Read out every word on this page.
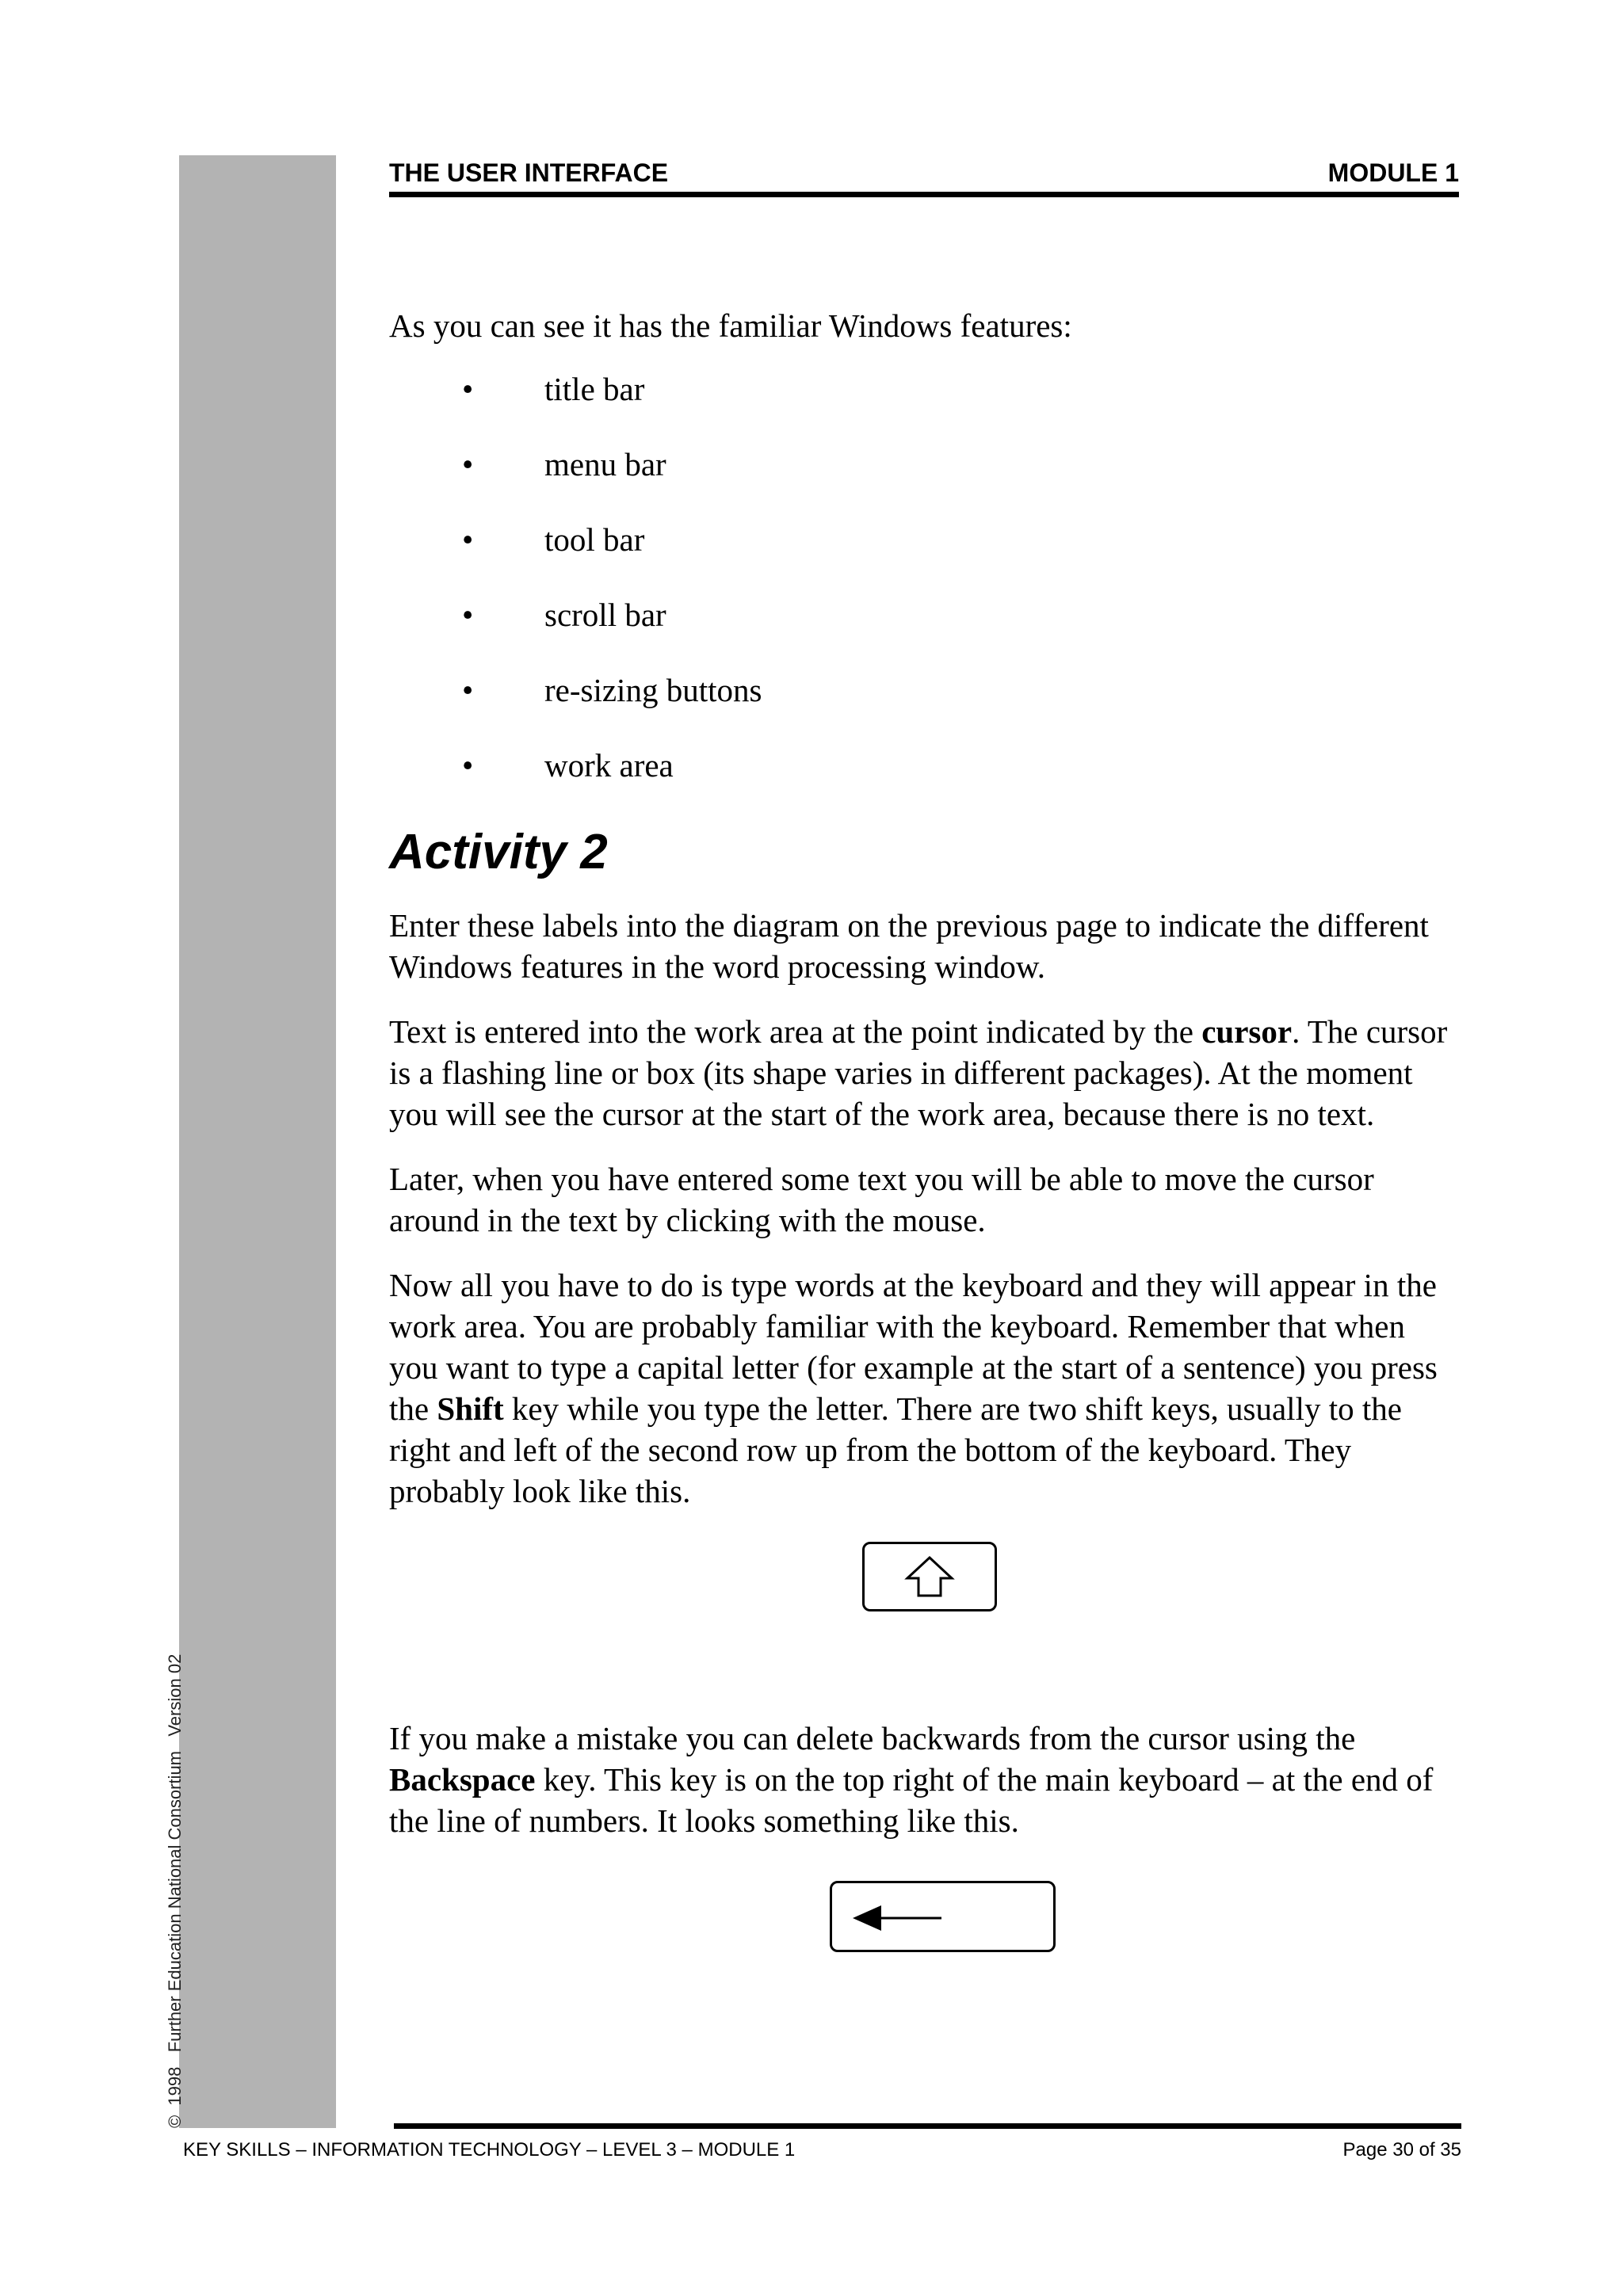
©  1998   Further Education National Consortium   Version 02
THE USER INTERFACE	MODULE 1

As you can see it has the familiar Windows features:

• title bar
• menu bar
• tool bar
• scroll bar
• re-sizing buttons
• work area
Activity 2

Enter these labels into the diagram on the previous page to indicate the different Windows features in the word processing window.

Text is entered into the work area at the point indicated by the cursor. The cursor is a flashing line or box (its shape varies in different packages). At the moment you will see the cursor at the start of the work area, because there is no text.

Later, when you have entered some text you will be able to move the cursor around in the text by clicking with the mouse.

Now all you have to do is type words at the keyboard and they will appear in the work area. You are probably familiar with the keyboard. Remember that when you want to type a capital letter (for example at the start of a sentence) you press the Shift key while you type the letter. There are two shift keys, usually to the right and left of the second row up from the bottom of the keyboard. They probably look like this.

If you make a mistake you can delete backwards from the cursor using the Backspace key. This key is on the top right of the main keyboard – at the end of the line of numbers. It looks something like this.

KEY SKILLS – INFORMATION TECHNOLOGY – LEVEL 3 – MODULE 1	Page 30 of 35
